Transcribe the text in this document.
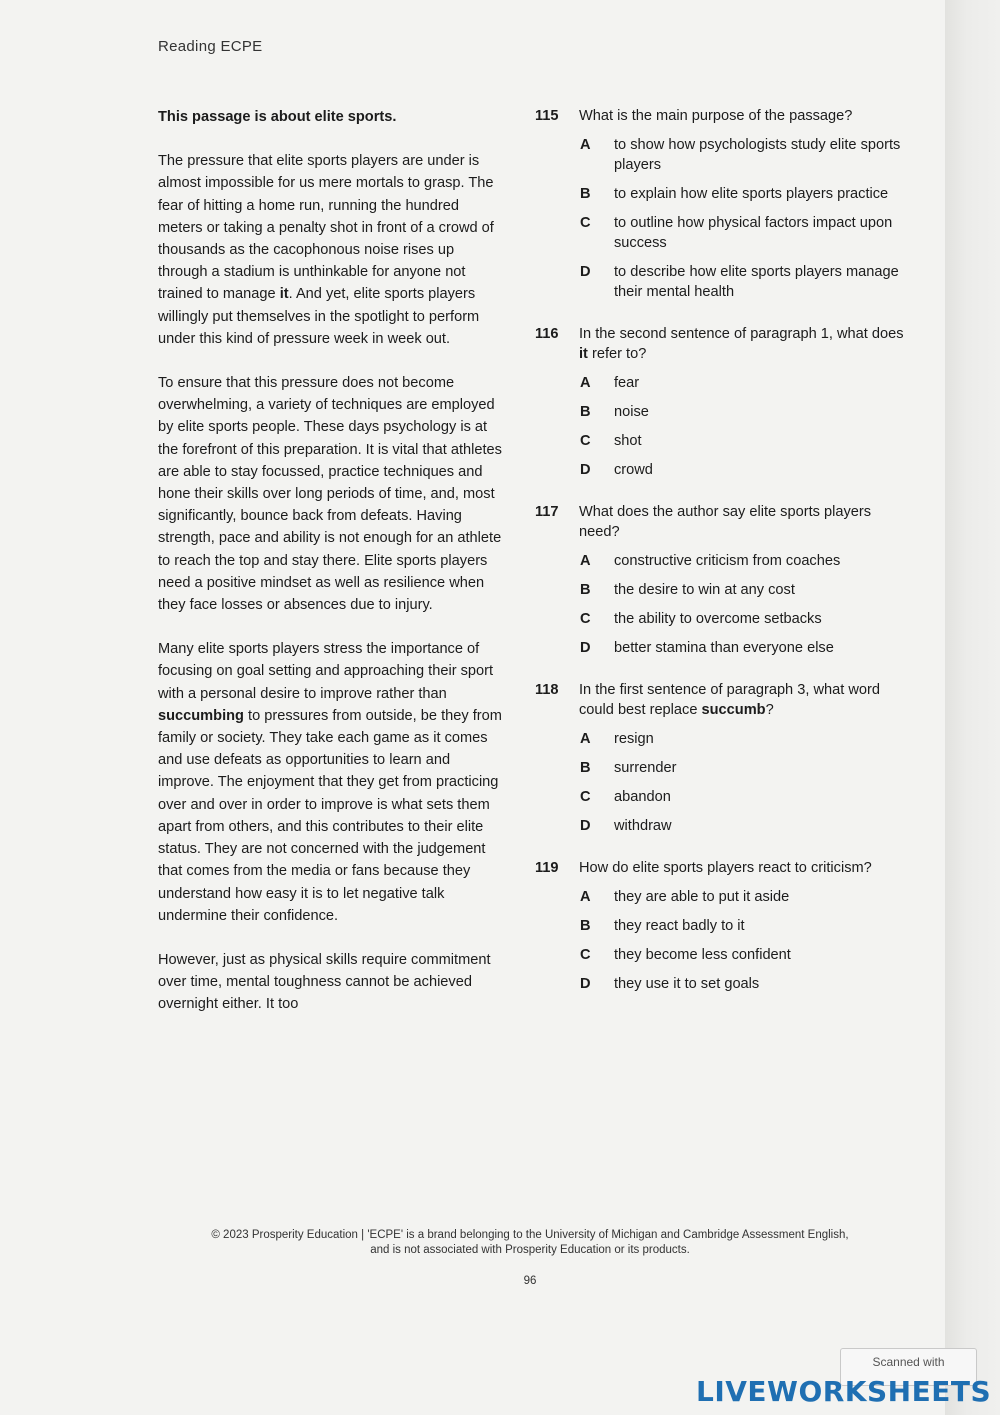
Reading ECPE

This passage is about elite sports.

The pressure that elite sports players are under is almost impossible for us mere mortals to grasp. The fear of hitting a home run, running the hundred meters or taking a penalty shot in front of a crowd of thousands as the cacophonous noise rises up through a stadium is unthinkable for anyone not trained to manage it. And yet, elite sports players willingly put themselves in the spotlight to perform under this kind of pressure week in week out.

To ensure that this pressure does not become overwhelming, a variety of techniques are employed by elite sports people. These days psychology is at the forefront of this preparation. It is vital that athletes are able to stay focussed, practice techniques and hone their skills over long periods of time, and, most significantly, bounce back from defeats. Having strength, pace and ability is not enough for an athlete to reach the top and stay there. Elite sports players need a positive mindset as well as resilience when they face losses or absences due to injury.

Many elite sports players stress the importance of focusing on goal setting and approaching their sport with a personal desire to improve rather than succumbing to pressures from outside, be they from family or society. They take each game as it comes and use defeats as opportunities to learn and improve. The enjoyment that they get from practicing over and over in order to improve is what sets them apart from others, and this contributes to their elite status. They are not concerned with the judgement that comes from the media or fans because they understand how easy it is to let negative talk undermine their confidence.

However, just as physical skills require commitment over time, mental toughness cannot be achieved overnight either. It too

115	What is the main purpose of the passage?
A	to show how psychologists study elite sports players
B	to explain how elite sports players practice
C	to outline how physical factors impact upon success
D	to describe how elite sports players manage their mental health
116	In the second sentence of paragraph 1, what does it refer to?
A	fear
B	noise
C	shot
D	crowd
117	What does the author say elite sports players need?
A	constructive criticism from coaches
B	the desire to win at any cost
C	the ability to overcome setbacks
D	better stamina than everyone else
118	In the first sentence of paragraph 3, what word could best replace succumb?
A	resign
B	surrender
C	abandon
D	withdraw
119	How do elite sports players react to criticism?
A	they are able to put it aside
B	they react badly to it
C	they become less confident
D	they use it to set goals
© 2023 Prosperity Education | 'ECPE' is a brand belonging to the University of Michigan and Cambridge Assessment English,
and is not associated with Prosperity Education or its products.
96
Scanned with
LIVEWORKSHEETS
